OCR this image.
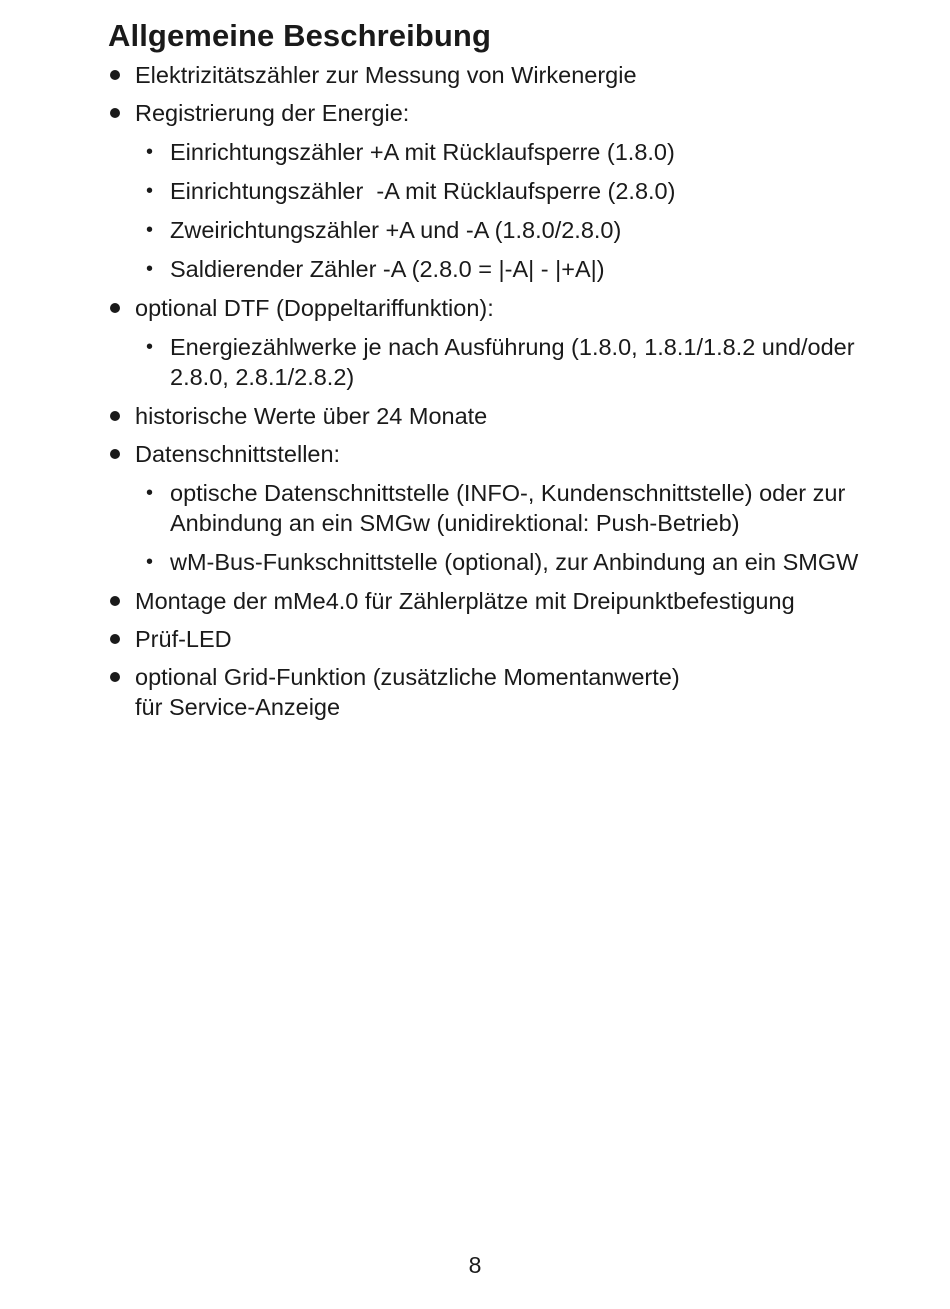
Allgemeine Beschreibung
Elektrizitätszähler zur Messung von Wirkenergie
Registrierung der Energie:
• Einrichtungszähler +A mit Rücklaufsperre (1.8.0)
• Einrichtungszähler  -A mit Rücklaufsperre (2.8.0)
• Zweirichtungszähler +A und -A (1.8.0/2.8.0)
• Saldierender Zähler -A (2.8.0 = |-A| - |+A|)
optional DTF (Doppeltariffunktion):
• Energiezählwerke je nach Ausführung (1.8.0, 1.8.1/1.8.2 und/oder 2.8.0, 2.8.1/2.8.2)
historische Werte über 24 Monate
Datenschnittstellen:
• optische Datenschnittstelle (INFO-, Kundenschnittstelle) oder zur Anbindung an ein SMGw (unidirektional: Push-Betrieb)
• wM-Bus-Funkschnittstelle (optional), zur Anbindung an ein SMGW
Montage der mMe4.0 für Zählerplätze mit Dreipunktbefestigung
Prüf-LED
optional Grid-Funktion (zusätzliche Momentanwerte)
für Service-Anzeige
8
